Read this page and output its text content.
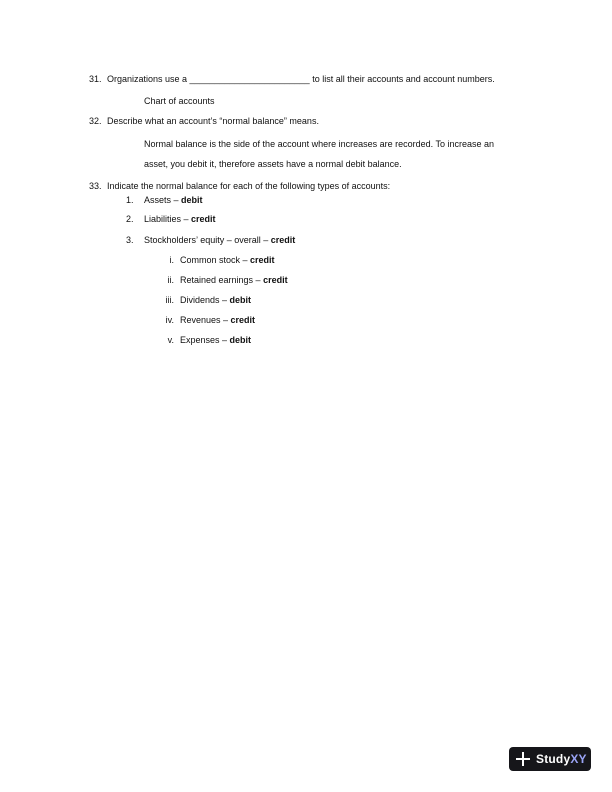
31. Organizations use a ________________________ to list all their accounts and account numbers.
Chart of accounts
32. Describe what an account’s “normal balance” means.
Normal balance is the side of the account where increases are recorded. To increase an
asset, you debit it, therefore assets have a normal debit balance.
33. Indicate the normal balance for each of the following types of accounts:
1.	Assets – debit
2.	Liabilities – credit
3.	Stockholders’ equity – overall – credit
i. Common stock – credit
ii. Retained earnings – credit
iii. Dividends – debit
iv. Revenues – credit
v. Expenses – debit
StudyXY
